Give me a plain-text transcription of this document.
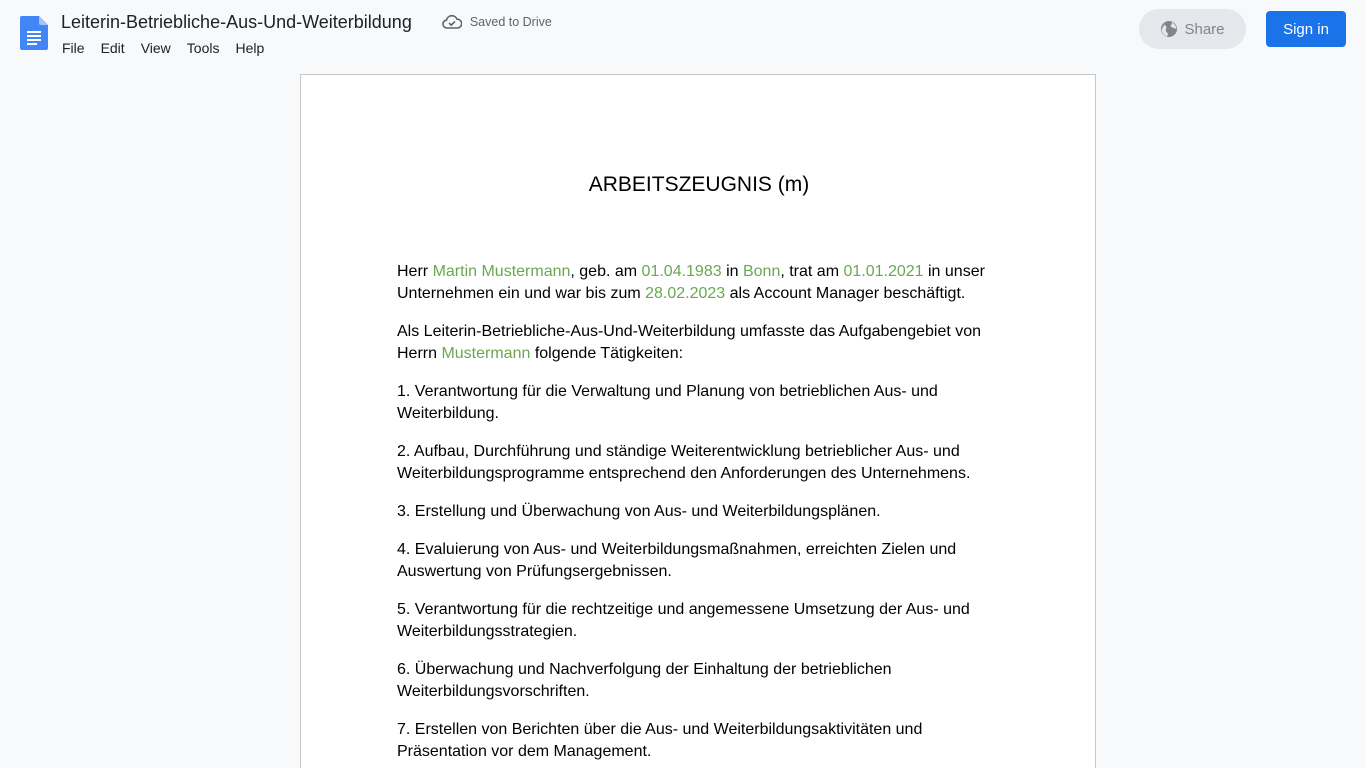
Leiterin-Betriebliche-Aus-Und-Weiterbildung	Saved to Drive
File	Edit	View	Tools	Help
Share	Sign in
ARBEITSZEUGNIS (m)

Herr Martin Mustermann, geb. am 01.04.1983 in Bonn, trat am 01.01.2021 in unser Unternehmen ein und war bis zum 28.02.2023 als Account Manager beschäftigt.

Als Leiterin-Betriebliche-Aus-Und-Weiterbildung umfasste das Aufgabengebiet von Herrn Mustermann folgende Tätigkeiten:

1. Verantwortung für die Verwaltung und Planung von betrieblichen Aus- und Weiterbildung.

2. Aufbau, Durchführung und ständige Weiterentwicklung betrieblicher Aus- und Weiterbildungsprogramme entsprechend den Anforderungen des Unternehmens.

3. Erstellung und Überwachung von Aus- und Weiterbildungsplänen.

4. Evaluierung von Aus- und Weiterbildungsmaßnahmen, erreichten Zielen und Auswertung von Prüfungsergebnissen.

5. Verantwortung für die rechtzeitige und angemessene Umsetzung der Aus- und Weiterbildungsstrategien.

6. Überwachung und Nachverfolgung der Einhaltung der betrieblichen Weiterbildungsvorschriften.

7. Erstellen von Berichten über die Aus- und Weiterbildungsaktivitäten und Präsentation vor dem Management.
